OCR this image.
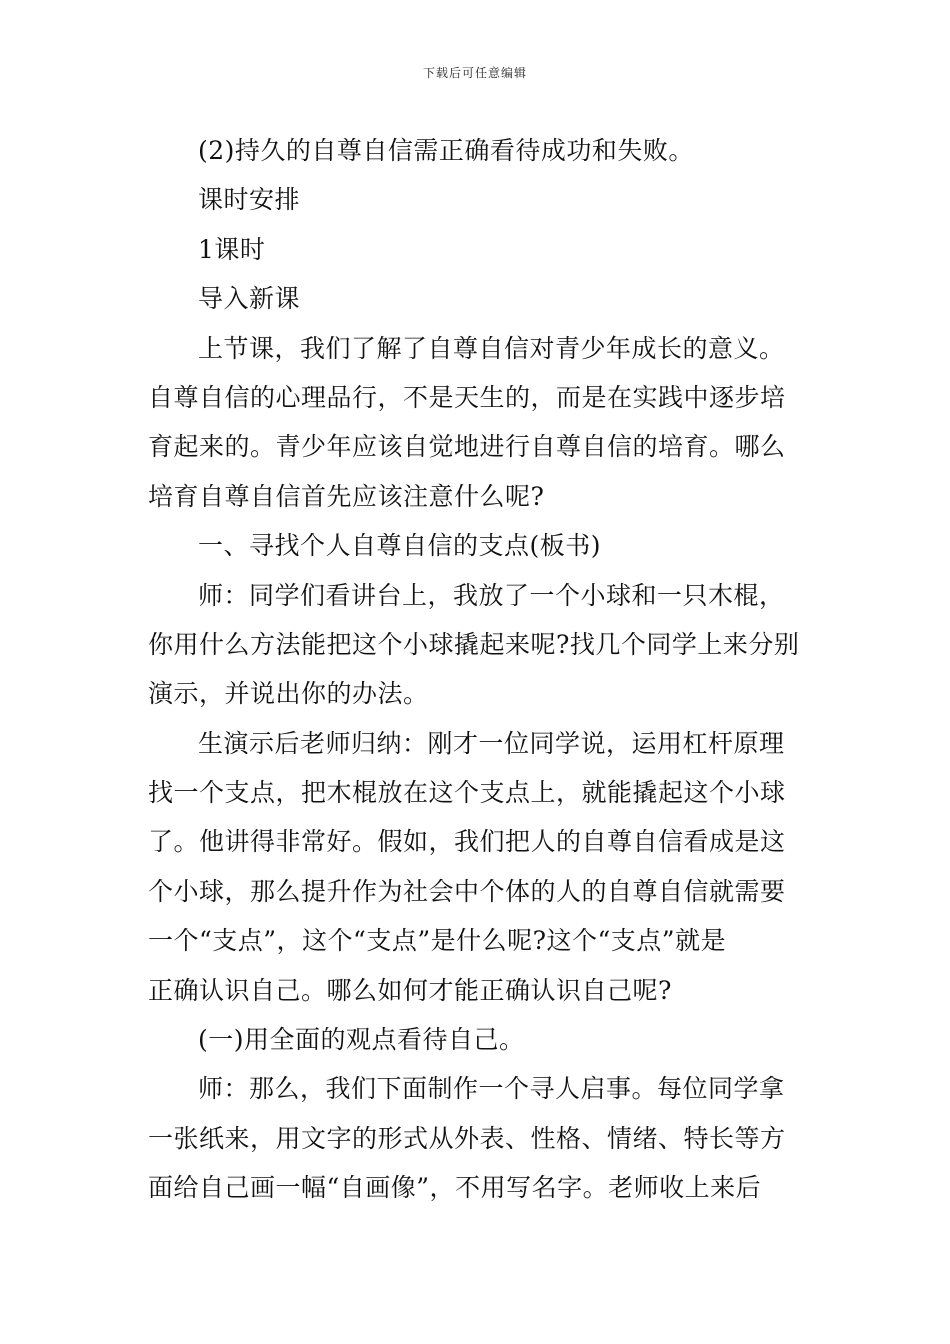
下载后可任意编辑
(2)持久的自尊自信需正确看待成功和失败。
课时安排
1课时
导入新课
上节课，我们了解了自尊自信对青少年成长的意义。
自尊自信的心理品行，不是天生的，而是在实践中逐步培
育起来的。青少年应该自觉地进行自尊自信的培育。哪么
培育自尊自信首先应该注意什么呢?
一、寻找个人自尊自信的支点(板书)
师：同学们看讲台上，我放了一个小球和一只木棍，
你用什么方法能把这个小球撬起来呢?找几个同学上来分别
演示，并说出你的办法。
生演示后老师归纳：刚才一位同学说，运用杠杆原理
找一个支点，把木棍放在这个支点上，就能撬起这个小球
了。他讲得非常好。假如，我们把人的自尊自信看成是这
个小球，那么提升作为社会中个体的人的自尊自信就需要
一个“支点”，这个“支点”是什么呢?这个“支点”就是
正确认识自己。哪么如何才能正确认识自己呢?
(一)用全面的观点看待自己。
师：那么，我们下面制作一个寻人启事。每位同学拿
一张纸来，用文字的形式从外表、性格、情绪、特长等方
面给自己画一幅“自画像”，不用写名字。老师收上来后
